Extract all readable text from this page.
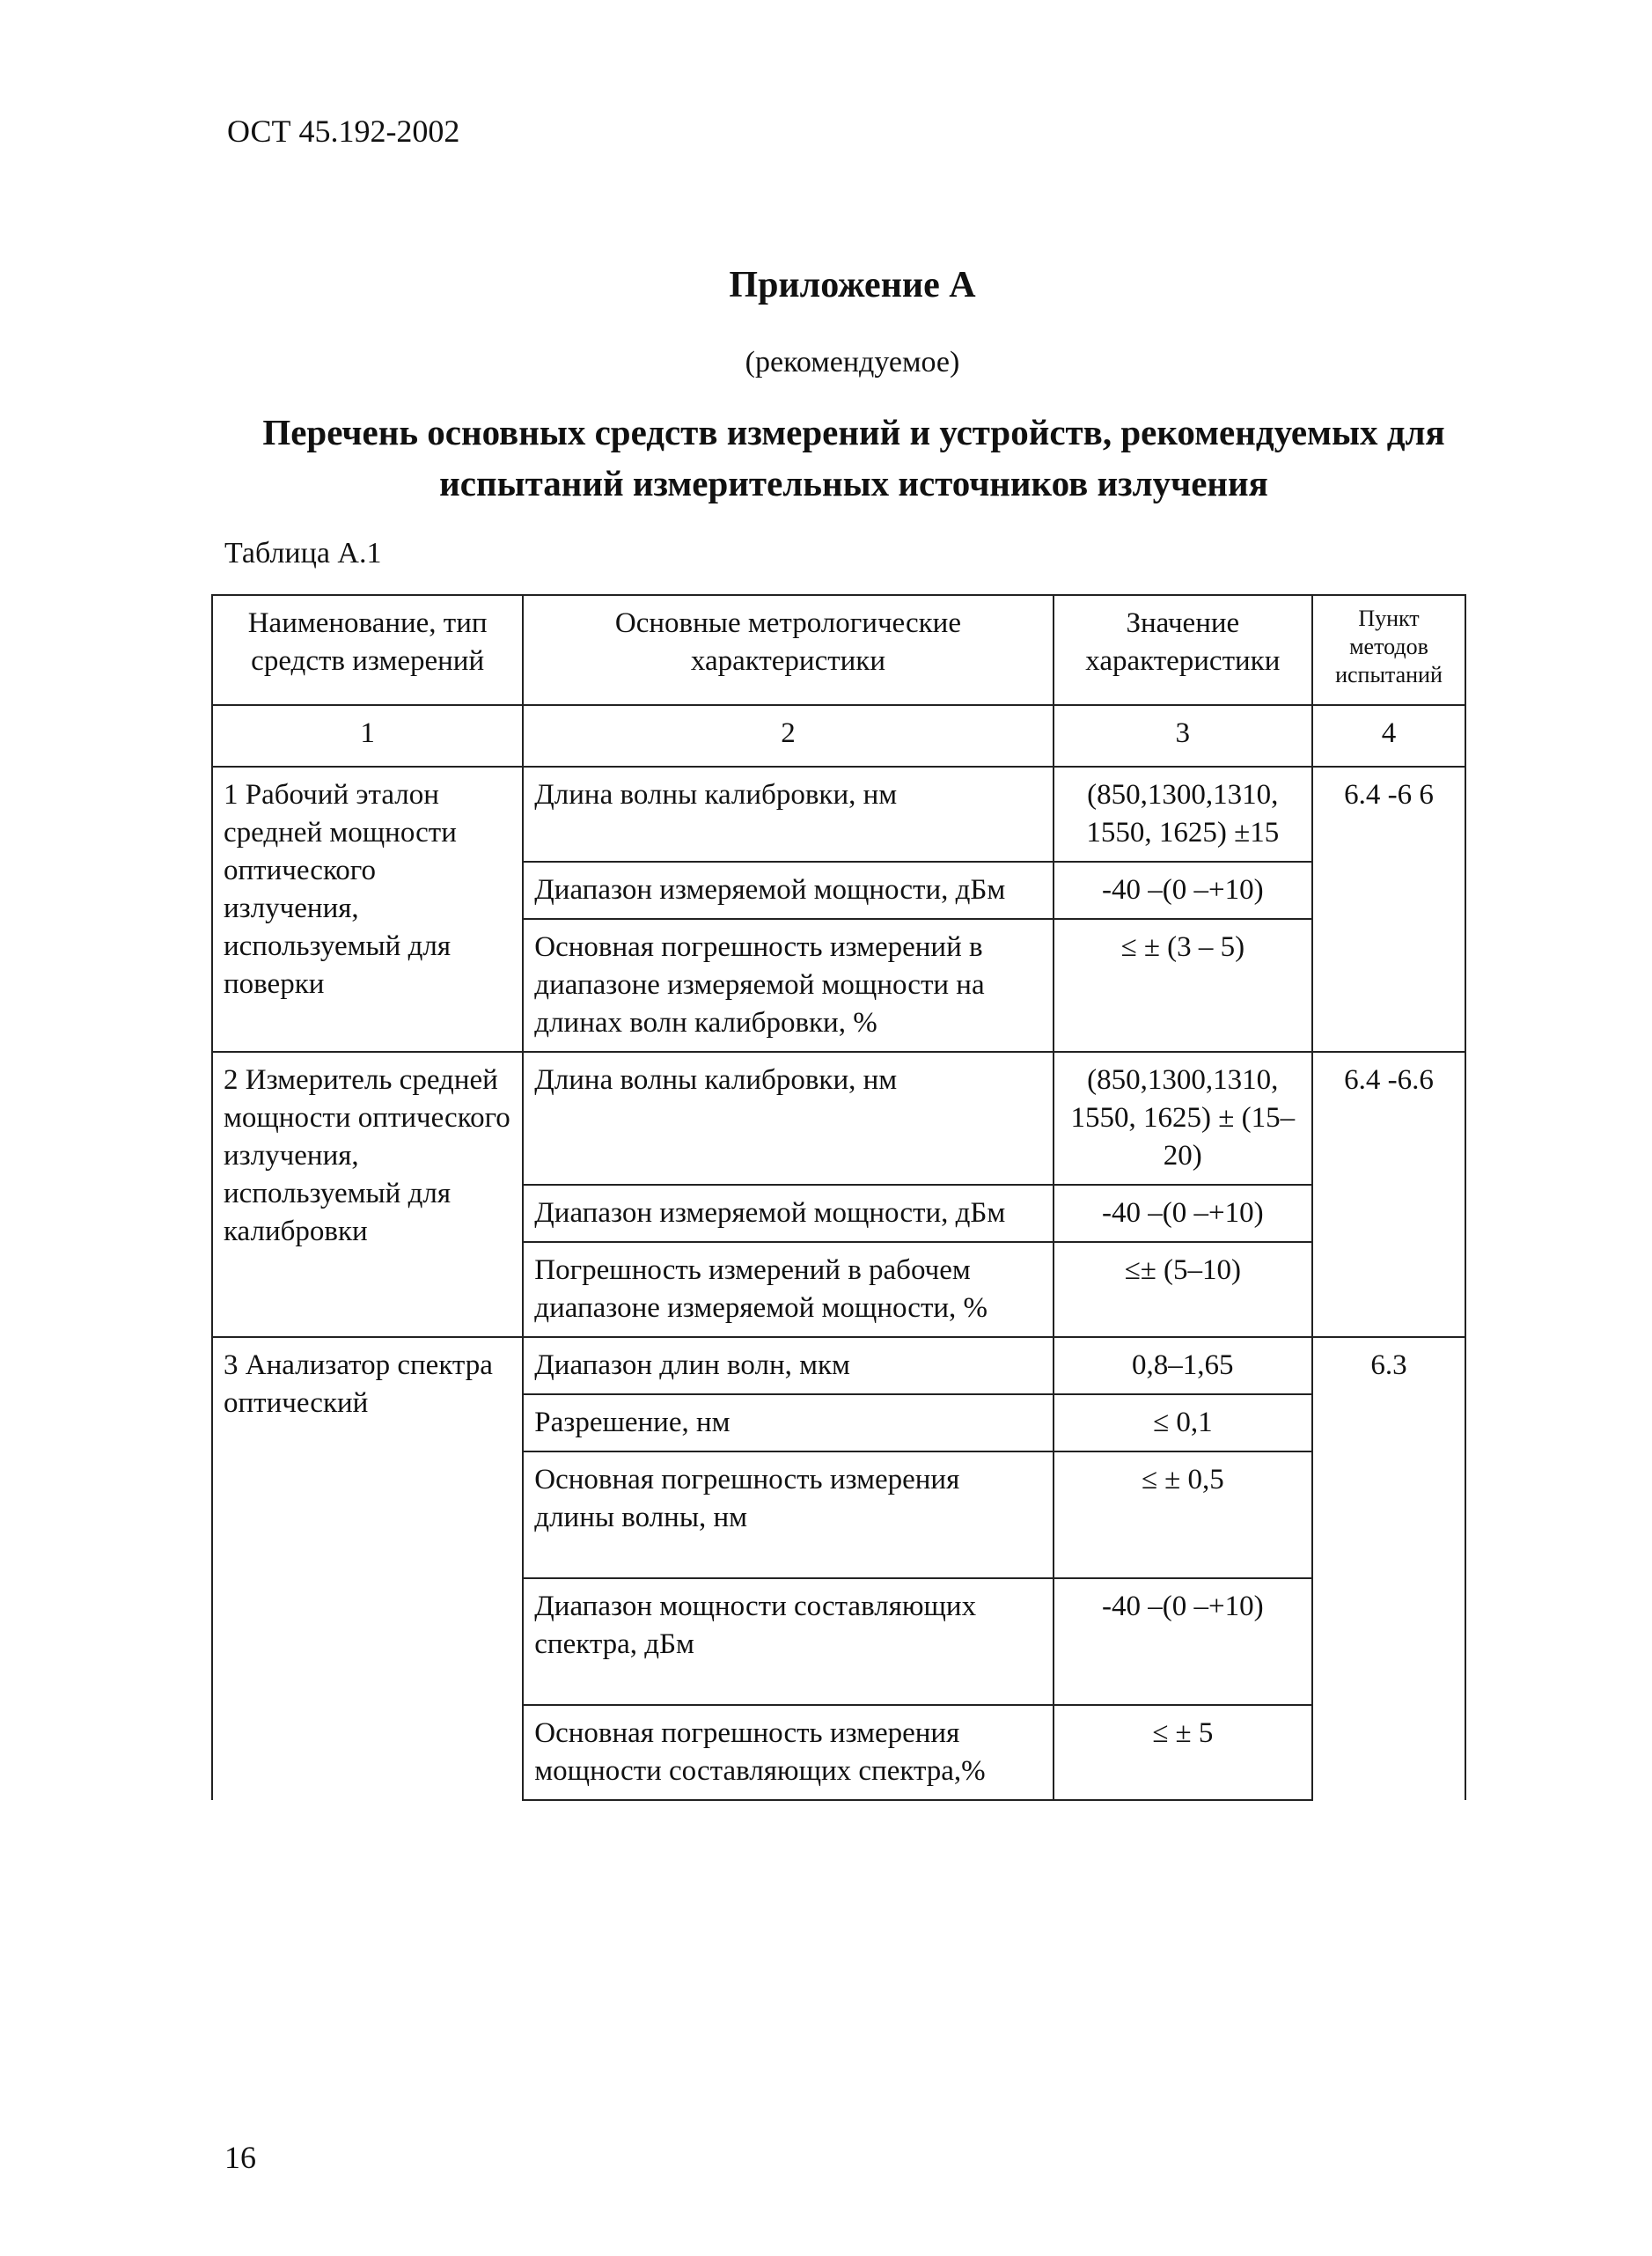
ОСТ 45.192-2002
Приложение А
(рекомендуемое)
Перечень основных средств измерений и устройств, рекомендуемых для
испытаний измерительных источников излучения
Таблица А.1
Наименование, тип средств измерений	Основные метрологические характеристики	Значение характеристики	Пункт методов испытаний
1	2	3	4
1 Рабочий эталон средней мощности оптического излучения, используемый для поверки	Длина волны калибровки, нм	(850,1300,1310, 1550, 1625) ±15	6.4 -6 6
	Диапазон измеряемой мощности, дБм	-40 –(0 –+10)	
	Основная погрешность измерений в диапазоне измеряемой мощности на длинах волн калибровки, %	≤ ± (3 – 5)	
2 Измеритель средней мощности оптического излучения, используемый для калибровки	Длина волны калибровки, нм	(850,1300,1310, 1550, 1625) ± (15–20)	6.4 -6.6
	Диапазон измеряемой мощности, дБм	-40 –(0 –+10)	
	Погрешность измерений в рабочем диапазоне измеряемой мощности, %	≤± (5–10)	
3 Анализатор спектра оптический	Диапазон длин волн, мкм	0,8–1,65	6.3
	Разрешение, нм	≤ 0,1	
	Основная погрешность измерения длины волны, нм	≤ ± 0,5	
	Диапазон мощности составляющих спектра, дБм	-40 –(0 –+10)	
	Основная погрешность измерения мощности составляющих спектра,%	≤ ± 5	
16
